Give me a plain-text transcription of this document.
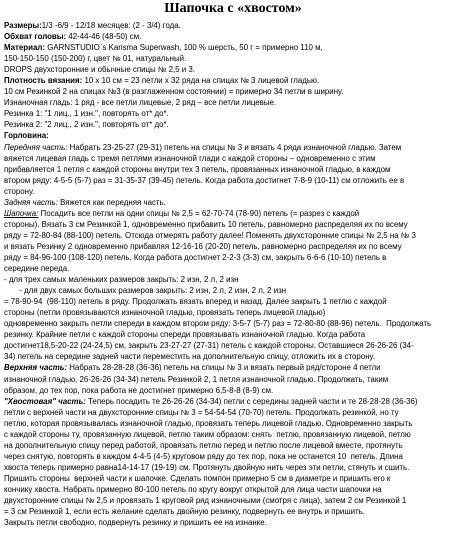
Шапочка с «хвостом»
Размеры:1/3 -6/9 - 12/18 месяцев: (2 - 3/4) года.
Обхват головы: 42-44-46 (48-50) см.
Материал: GARNSTUDIO`s Karisma Superwash, 100 % шерсть, 50 г = примерно 110 м,
150-150-150 (150-200) г, цвет № 01, натуральный.
DROPS двухсторонние и обычные спицы № 2,5 и 3.
Плотность вязания: 10 х 10 см = 23 петли х 32 ряда на спицах № 3 лицевой гладью.
10 см Резинкой 2 на спицах №3 (в разглаженном состоянии) = примерно 34 петли в ширину.
Изнаночная гладь: 1 ряд - все петли лицевые, 2 ряд – все петли лицевые.
Резинка 1: "1 лиц., 1 изн.", повторять от* до*.
Резинка 2: "2 лиц., 2 изн.", повторять от* до*.
Горловина:
Передняя часть: Набрать 23-25-27 (29-31) петель на спицы № 3 и вязать 4 ряда изнаночной гладью. Затем
вяжется лицевая гладь с тремя петлями изнаночной глади с каждой стороны – одновременно с этим
прибавляется 1 петля с каждой стороны внутри тех 3 петель, провязанных изнаночной гладью, в каждом
втором ряду: 4-5-5 (5-7) раз = 31-35-37 (39-45) петель. Когда работа достигнет 7-8-9 (10-11) см отложить ее в
сторону.
Задняя часть: Вяжется как передняя часть.
Шапочка: Посадить все петли на одни спицы № 2,5 = 62-70-74 (78-90) петель (= разрез с каждой
стороны). Вязать 3 см Резинкой 1, одновременно прибавить 10 петель, равномерно распределяя их по всему
ряду = 72-80-84 (88-100) петель. Отсюда отмерять работу далее! Поменять двухсторонние спицы № 2,5 на № 3
и вязать Резинку 2 одновременно прибавляя 12-16-16 (20-20) петель, равномерно распределяя их по всему
ряду = 84-96-100 (108-120) петель. Когда работа достигнет 2-2-3 (3-3) см, закрыть 6-6-6 (10-10) петель в
середине переда.
- для трех самых маленьких размеров закрыть: 2 изн, 2 л, 2 изн
- для двух самых больших размеров закрыть: 2 изн, 2 л, 2 изн, 2 л, 2 изн
= 78-90-94  (98-110) петель в ряду. Продолжать вязать вперед и назад. Далее закрыть 1 петлю с каждой
стороны (петли провязываются изнаночной гладью, провязать теперь лицевой гладью)
одновременно закрыть петли спереди в каждом втором ряду: 3-5-7 (5-7) раз = 72-80-80 (88-96) петель.  Продолжать
резинку. Крайние петли с каждой стороны спереди провязывать изнаночной гладью. Когда работа
достигнет18,5-20-22 (24-24,5) см, закрыть 23-27-27 (27-31) петель с каждой стороны. Оставшиеся 26-26-26 (34-
34) петель на середине задней части переместить на дополнительную спицу, отложить их в сторону.
Верхняя часть: Набрать 28-28-28 (36-36) петель на спицы № 3 и вязать первый ряд/стороне 4 петли
изнаночной гладью, 26-26-26 (34-34) петель Резинкой 2, 1 петля изнаночной гладью. Продолжать, таким
образом, до тех пор, пока работа не достигнет примерно 6,5-8-8 (8-9) см.
"Хвостовая" часть: Теперь посадить те 26-26-26 (34-34) петли с середины задней части и те 28-28-28 (36-36)
петли с верхней части на двухсторонние спицы № 3 = 54-54-54 (70-70) петель. Продолжать резинкой, но ту
петлю, которая провязывалась изнаночной гладью, провязать теперь лицевой гладью. Одновременно закрыть
с каждой стороны ту, провязанную лицевой, петлю таким образом: снять  петлю, провязанную лицевой, петлю
на дополнительную спицу перед работой, провязать петлю перед и петлю после лицевой вместе, протянуть
через снятую, повторять в каждом 4-4-5 (4-5) круговом ряду до тех пор, пока не останется 10  петель. Длина
хвоста теперь примерно равна14-14-17 (19-19) см. Протянуть двойную нить через эти петли, стянуть и сшить.
Пришить стороны  верхней части к шапочке. Сделать помпон примерно 5 см в диаметре и пришить его к
кончику хвоста. Набрать примерно 80-100 петель по кругу вокруг открытой для лица части шапочки на
двухсторонние спицы № 2,5 и провязать 1 круговой ряд изнаночными (смотря с лица), затем 2 см Резинкой 1
= 3 см Резинкой 1, если есть желание сделать двойную резинку, подвернуть ее внутрь и пришить.
Закрыть петли свободно, подвернуть резинку и пришить ее на изнанке.
